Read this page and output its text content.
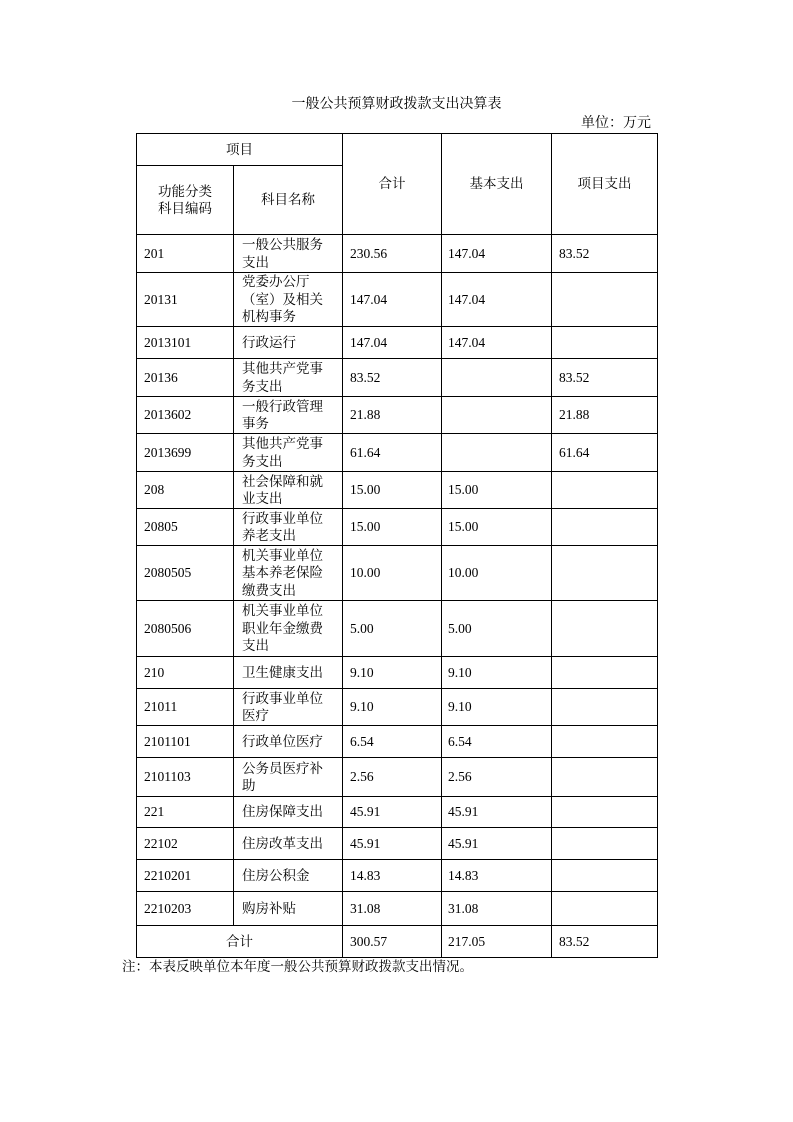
一般公共预算财政拨款支出决算表
单位：万元
项目		合计	基本支出	项目支出
功能分类科目编码	科目名称			
201	一般公共服务支出	230.56	147.04	83.52
20131	党委办公厅（室）及相关机构事务	147.04	147.04	
2013101	行政运行	147.04	147.04	
20136	其他共产党事务支出	83.52		83.52
2013602	一般行政管理事务	21.88		21.88
2013699	其他共产党事务支出	61.64		61.64
208	社会保障和就业支出	15.00	15.00	
20805	行政事业单位养老支出	15.00	15.00	
2080505	机关事业单位基本养老保险缴费支出	10.00	10.00	
2080506	机关事业单位职业年金缴费支出	5.00	5.00	
210	卫生健康支出	9.10	9.10	
21011	行政事业单位医疗	9.10	9.10	
2101101	行政单位医疗	6.54	6.54	
2101103	公务员医疗补助	2.56	2.56	
221	住房保障支出	45.91	45.91	
22102	住房改革支出	45.91	45.91	
2210201	住房公积金	14.83	14.83	
2210203	购房补贴	31.08	31.08	
合计		300.57	217.05	83.52
注：本表反映单位本年度一般公共预算财政拨款支出情况。
